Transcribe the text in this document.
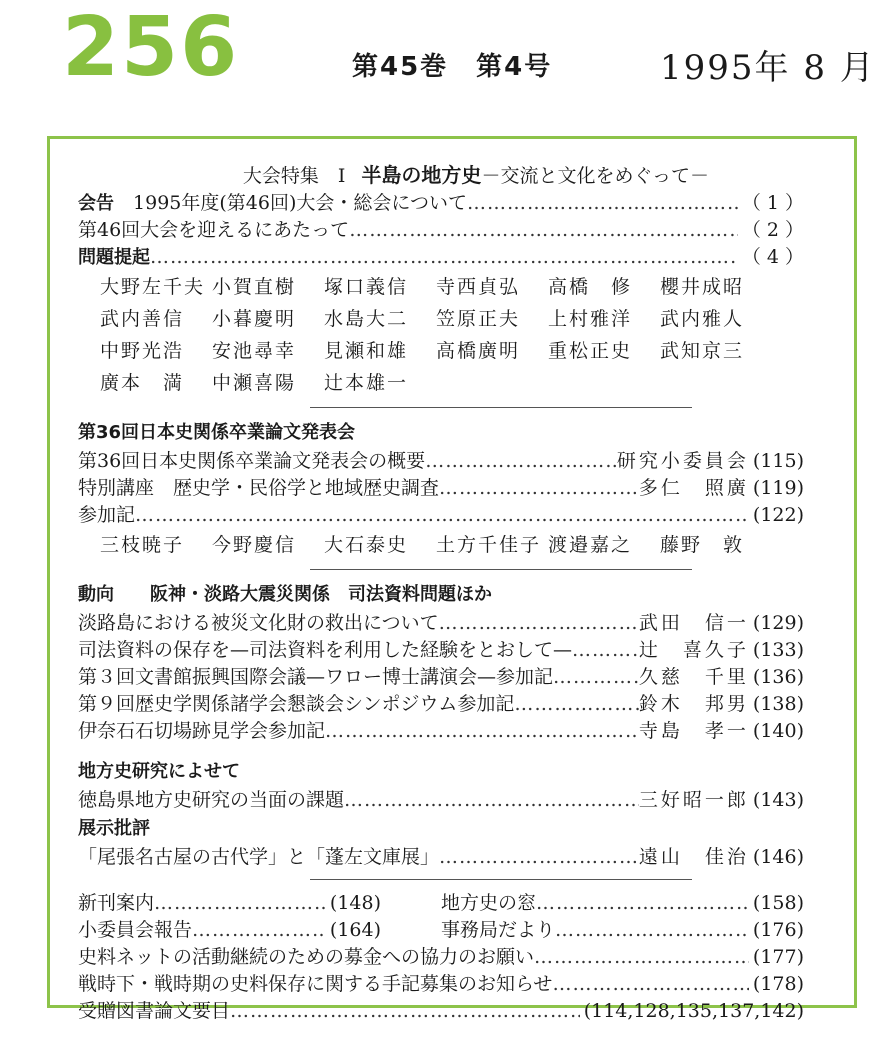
256	第45巻　第4号	1995年 8 月
大会特集　Ⅰ 半島の地方史－交流と文化をめぐって－
会告　 1995年度(第46回)大会・総会について ……………………………………………………………………………………………………………………………………………………………………	（ 1 ）
第46回大会を迎えるにあたって ……………………………………………………………………………………………………………………………………………………………………	（ 2 ）
問題提起 ……………………………………………………………………………………………………………………………………………………………………	（ 4 ）
大野左千夫 小賀直樹	塚口義信	寺西貞弘	高橋　修	櫻井成昭
武内善信	小暮慶明	水島大二	笠原正夫	上村雅洋	武内雅人
中野光浩	安池尋幸	見瀬和雄	高橋廣明	重松正史	武知京三
廣本　満	中瀬喜陽	辻本雄一
第36回日本史関係卒業論文発表会
第36回日本史関係卒業論文発表会の概要 ……………………………………………………………………………………………………………………………………………………………………	研究小委員会 (115)
特別講座　歴史学・民俗学と地域歴史調査 ……………………………………………………………………………………………………………………………………………………………………	多仁　照廣 (119)
参加記 ……………………………………………………………………………………………………………………………………………………………………	(122)
三枝暁子	今野慶信	大石泰史	土方千佳子 渡邉嘉之	藤野　敦
動向 阪神・淡路大震災関係　司法資料問題ほか
淡路島における被災文化財の救出について ……………………………………………………………………………………………………………………………………………………………………	武田　信一 (129)
司法資料の保存を—司法資料を利用した経験をとおして— ……………………………………………………………………………………………………………………………………………………………………	辻　喜久子 (133)
第３回文書館振興国際会議—ワロー博士講演会—参加記 ……………………………………………………………………………………………………………………………………………………………………	久慈　千里 (136)
第９回歴史学関係諸学会懇談会シンポジウム参加記 ……………………………………………………………………………………………………………………………………………………………………	鈴木　邦男 (138)
伊奈石石切場跡見学会参加記 ……………………………………………………………………………………………………………………………………………………………………	寺島　孝一 (140)
地方史研究によせて
徳島県地方史研究の当面の課題 ……………………………………………………………………………………………………………………………………………………………………	三好昭一郎 (143)
展示批評
「尾張名古屋の古代学」と「蓬左文庫展」 ……………………………………………………………………………………………………………………………………………………………………	遠山　佳治 (146)
新刊案内 ……………………………………………………………………………………………………………………………………………………………………	(148)	地方史の窓 ……………………………………………………………………………………………………………………………………………………………………	(158)
小委員会報告 ……………………………………………………………………………………………………………………………………………………………………	(164)	事務局だより ……………………………………………………………………………………………………………………………………………………………………	(176)
史料ネットの活動継続のための募金への協力のお願い ……………………………………………………………………………………………………………………………………………………………………	(177)
戦時下・戦時期の史料保存に関する手記募集のお知らせ ……………………………………………………………………………………………………………………………………………………………………	(178)
受贈図書論文要目 ……………………………………………………………………………………………………………………………………………………………………	(114,128,135,137,142)
